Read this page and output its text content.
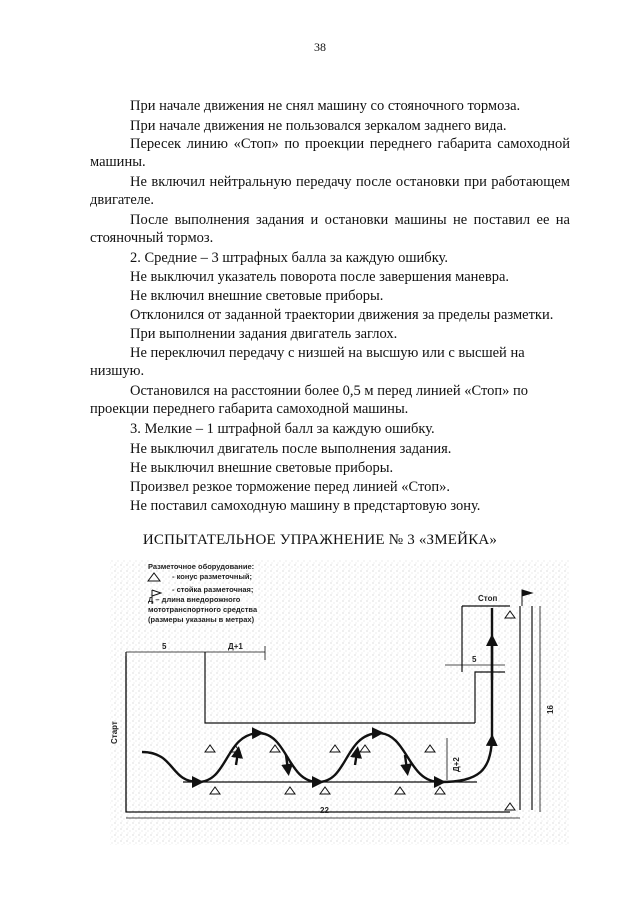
38

При начале движения не снял машину со стояночного тормоза.

При начале движения не пользовался зеркалом заднего вида.

Пересек линию «Стоп» по проекции переднего габарита самоходной машины.

Не включил нейтральную передачу после остановки при работающем двигателе.

После выполнения задания и остановки машины не поставил ее на стояночный тормоз.

2. Средние – 3 штрафных балла за каждую ошибку.

Не выключил указатель поворота после завершения маневра.

Не включил внешние световые приборы.

Отклонился от заданной траектории движения за пределы разметки.

При выполнении задания двигатель заглох.

Не переключил передачу с низшей на высшую или с высшей на низшую.

Остановился на расстоянии более 0,5 м перед линией «Стоп» по проекции переднего габарита самоходной машины.

3. Мелкие – 1 штрафной балл за каждую ошибку.

Не выключил двигатель после выполнения задания.

Не выключил внешние световые приборы.

Произвел резкое торможение перед линией «Стоп».

Не поставил самоходную машину в предстартовую зону.

ИСПЫТАТЕЛЬНОЕ УПРАЖНЕНИЕ № 3 «ЗМЕЙКА»
Разметочное оборудование:
- конус разметочный;
- стойка разметочная;
Д – длина внедорожного
мототранспортного средства
(размеры указаны в метрах)
Старт
Стоп
5	Д+1
5
16
Д+2
22
